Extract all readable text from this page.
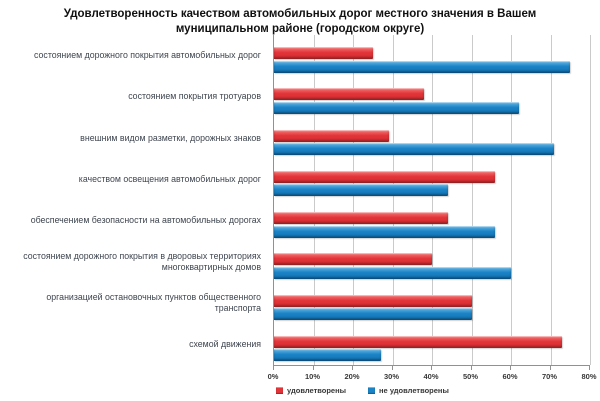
Удовлетворенность качеством автомобильных дорог местного значения в Вашем муниципальном районе (городском округе)
состоянием дорожного покрытия автомобильных дорог
состоянием покрытия тротуаров
внешним видом разметки, дорожных знаков
качеством освещения автомобильных дорог
обеспечением безопасности на автомобильных дорогах
состоянием дорожного покрытия в дворовых территориях многоквартирных домов
организацией остановочных пунктов общественного транспорта
схемой движения
0%	10%	20%	30%	40%	50%	60%	70%	80%
удовлетворены	не удовлетворены
